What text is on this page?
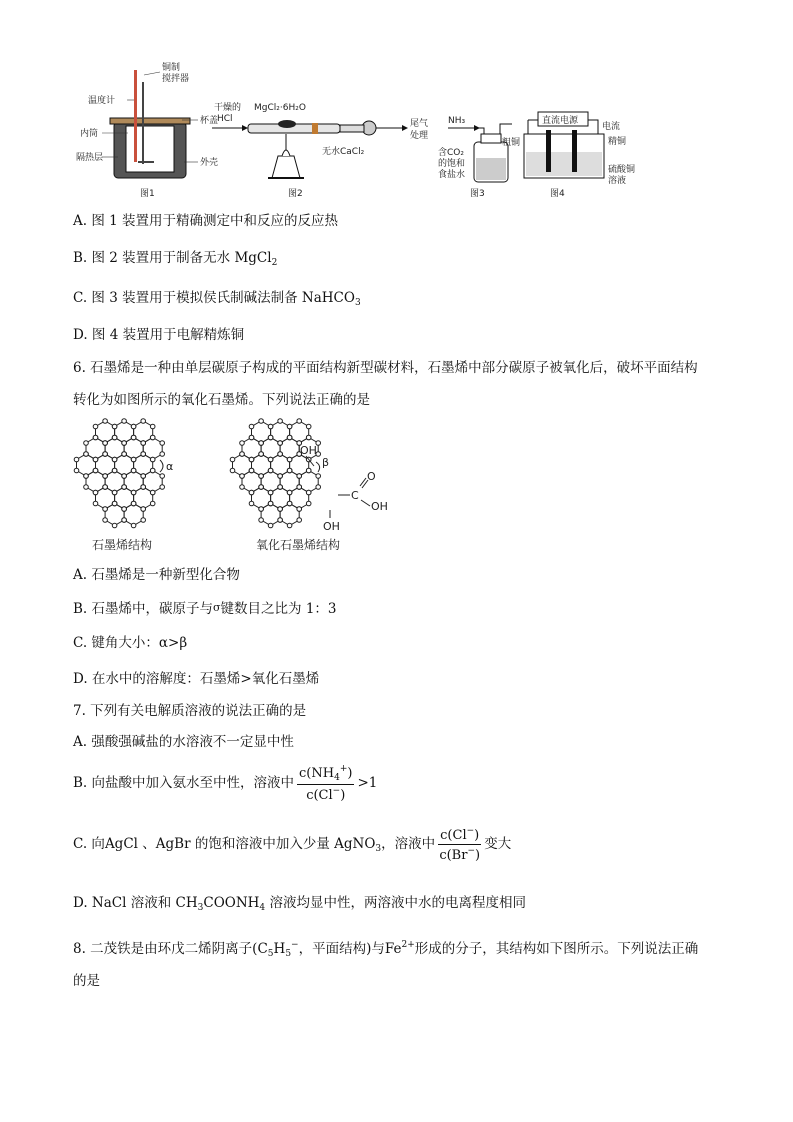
铜制
搅拌器
温度计
杯盖
内筒
隔热层	外壳
图1
干燥的
HCl
MgCl₂·6H₂O
尾气
处理
无水CaCl₂
图2
NH₃
含CO₂
的饱和
食盐水
图3
直流电源
电流
粗铜	精铜
硫酸铜
溶液
图4
A. 图 1 装置用于精确测定中和反应的反应热
B. 图 2 装置用于制备无水 MgCl$_2$
C. 图 3 装置用于模拟侯氏制碱法制备 NaHCO$_3$
D. 图 4 装置用于电解精炼铜
6. 石墨烯是一种由单层碳原子构成的平面结构新型碳材料，石墨烯中部分碳原子被氧化后，破坏平面结构
转化为如图所示的氧化石墨烯。下列说法正确的是
α
OH
β
C
O
OH
OH
石墨烯结构	氧化石墨烯结构
A. 石墨烯是一种新型化合物
B. 石墨烯中，碳原子与σ键数目之比为 1：3
C. 键角大小：α>β
D. 在水中的溶解度：石墨烯>氧化石墨烯
7. 下列有关电解质溶液的说法正确的是
A. 强酸强碱盐的水溶液不一定显中性
B. 向盐酸中加入氨水至中性，溶液中 $\frac{c(NH_4^+)}{c(Cl^-)} >1$
C. 向AgCl 、AgBr 的饱和溶液中加入少量 AgNO$_3$，溶液中 $\frac{c(Cl^-)}{c(Br^-)}$ 变大
D. NaCl 溶液和 $CH_3COONH_4$ 溶液均显中性，两溶液中水的电离程度相同
8. 二茂铁是由环戊二烯阴离子($C_5H_5^-$，平面结构)与$Fe^{2+}$形成的分子，其结构如下图所示。下列说法正确
的是
